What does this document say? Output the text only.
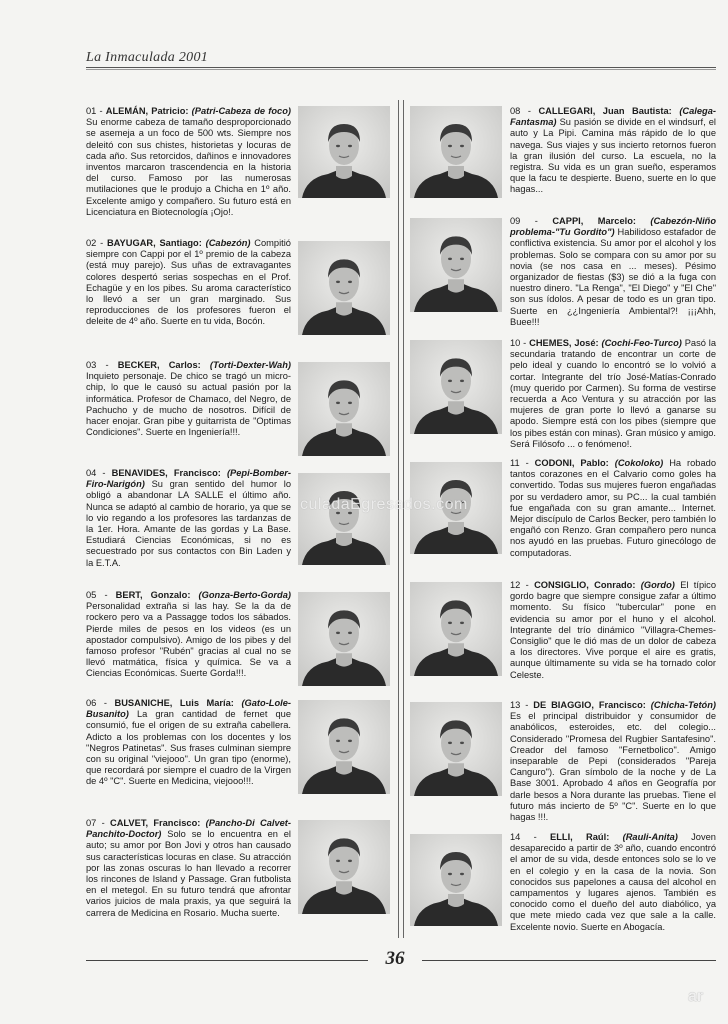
La Inmaculada 2001

01 - ALEMÁN, Patricio: (Patri-Cabeza de foco) Su enorme cabeza de tamaño desproporcionado se asemeja a un foco de 500 wts. Siempre nos deleitó con sus chistes, historietas y locuras de cada año. Sus retorcidos, dañinos e innovadores inventos marcaron trascendencia en la historia del curso. Famoso por las numerosas mutilaciones que le produjo a Chicha en 1º año. Excelente amigo y compañero. Su futuro está en Licenciatura en Biotecnología ¡Ojo!.

02 - BAYUGAR, Santiago: (Cabezón) Compitió siempre con Cappi por el 1º premio de la cabeza (está muy parejo). Sus uñas de extravagantes colores despertó serias sospechas en el Prof. Echagüe y en los pibes. Su aroma característico lo llevó a ser un gran marginado. Sus reproducciones de los profesores fueron el deleite de 4º año. Suerte en tu vida, Bocón.

03 - BECKER, Carlos: (Torti-Dexter-Wah) Inquieto personaje. De chico se tragó un micro-chip, lo que le causó su actual pasión por la informática. Profesor de Chamaco, del Negro, de Pachucho y de mucho de nosotros. Difícil de hacer enojar. Gran pibe y guitarrista de "Optimas Condiciones". Suerte en Ingeniería!!!.

04 - BENAVIDES, Francisco: (Pepi-Bomber-Firo-Narigón) Su gran sentido del humor lo obligó a abandonar LA SALLE el último año. Nunca se adaptó al cambio de horario, ya que se lo vio regando a los profesores las tardanzas de la 1er. Hora. Amante de las gordas y La Base. Estudiará Ciencias Económicas, si no es secuestrado por sus contactos con Bin Laden y la E.T.A.

05 - BERT, Gonzalo: (Gonza-Berto-Gorda) Personalidad extraña si las hay. Se la da de rockero pero va a Passagge todos los sábados. Pierde miles de pesos en los videos (es un apostador compulsivo). Amigo de los pibes y del famoso profesor "Rubén" gracias al cual no se llevó matmática, física y química. Se va a Ciencias Económicas. Suerte Gorda!!!.

06 - BUSANICHE, Luis María: (Gato-Lole-Busanito) La gran cantidad de fernet que consumió, fue el origen de su extraña cabellera. Adicto a los problemas con los docentes y los "Negros Patinetas". Sus frases culminan siempre con su original "viejooo". Un gran tipo (enorme), que recordará por siempre el cuadro de la Virgen de 4º "C". Suerte en Medicina, viejooo!!!.

07 - CALVET, Francisco: (Pancho-Di Calvet-Panchito-Doctor) Solo se lo encuentra en el auto; su amor por Bon Jovi y otros han causado sus características locuras en clase. Su atracción por las zonas oscuras lo han llevado a recorrer los rincones de Island y Passage. Gran futbolista en el metegol. En su futuro tendrá que afrontar varios juicios de mala praxis, ya que seguirá la carrera de Medicina en Rosario. Mucha suerte.

08 - CALLEGARI, Juan Bautista: (Calega-Fantasma) Su pasión se divide en el windsurf, el auto y La Pipi. Camina más rápido de lo que navega. Sus viajes y sus incierto retornos fueron la gran ilusión del curso. La escuela, no la registra. Su vida es un gran sueño, esperamos que la facu te despierte. Bueno, suerte en lo que hagas...

09 - CAPPI, Marcelo: (Cabezón-Niño problema-"Tu Gordito") Habilidoso estafador de conflictiva existencia. Su amor por el alcohol y los problemas. Solo se compara con su amor por su novia (se nos casa en ... meses). Pésimo organizador de fiestas ($3) se dió a la fuga con nuestro dinero. "La Renga", "El Diego" y "El Che" son sus ídolos. A pesar de todo es un gran tipo. Suerte en ¿¿Ingeniería Ambiental?! ¡¡¡Ahh, Buee!!!

10 - CHEMES, José: (Cochi-Feo-Turco) Pasó la secundaria tratando de encontrar un corte de pelo ideal y cuando lo encontró se lo volvió a cortar. Integrante del trío José-Matías-Conrado (muy querido por Carmen). Su forma de vestirse recuerda a Aco Ventura y su atracción por las mujeres de gran porte lo llevó a ganarse su apodo. Siempre está con los pibes (siempre que los pibes están con minas). Gran músico y amigo. Será Filósofo ... o fenómeno!.

11 - CODONI, Pablo: (Cokoloko) Ha robado tantos corazones en el Calvario como goles ha convertido. Todas sus mujeres fueron engañadas por su verdadero amor, su PC... la cual también fue engañada con su gran amante... Internet. Mejor discípulo de Carlos Becker, pero también lo engañó con Renzo. Gran compañero pero nunca nos ayudó en las pruebas. Futuro ginecólogo de computadoras.

12 - CONSIGLIO, Conrado: (Gordo) El típico gordo bagre que siempre consigue zafar a último momento. Su físico "tubercular" pone en evidencia su amor por el huno y el alcohol. Integrante del trío dinámico "Villagra-Chemes-Consiglio" que le dió mas de un dolor de cabeza a los directores. Vive porque el aire es gratis, aunque últimamente su vida se ha tornado color Celeste.

13 - DE BIAGGIO, Francisco: (Chicha-Tetón) Es el principal distribuidor y consumidor de anabólicos, esteroides, etc. del colegio... Considerado "Promesa del Rugbier Santafesino". Creador del famoso "Fernetbolico". Amigo inseparable de Pepi (considerados "Pareja Canguro"). Gran símbolo de la noche y de La Base 3001. Aprobado 4 años en Geografía por darle besos a Nora durante las pruebas. Tiene el futuro más incierto de 5º "C". Suerte en lo que hagas !!!.

14 - ELLI, Raúl: (Rauli-Anita) Joven desaparecido a partir de 3º año, cuando encontró el amor de su vida, desde entonces solo se lo ve en el colegio y en la casa de la novia. Son conocidos sus papelones a causa del alcohol en campamentos y lugares ajenos. También es conocido como el dueño del auto diabólico, ya que mete miedo cada vez que sale a la calle. Excelente novio. Suerte en Abogacía.

culadaEgresados.com
36
ar
